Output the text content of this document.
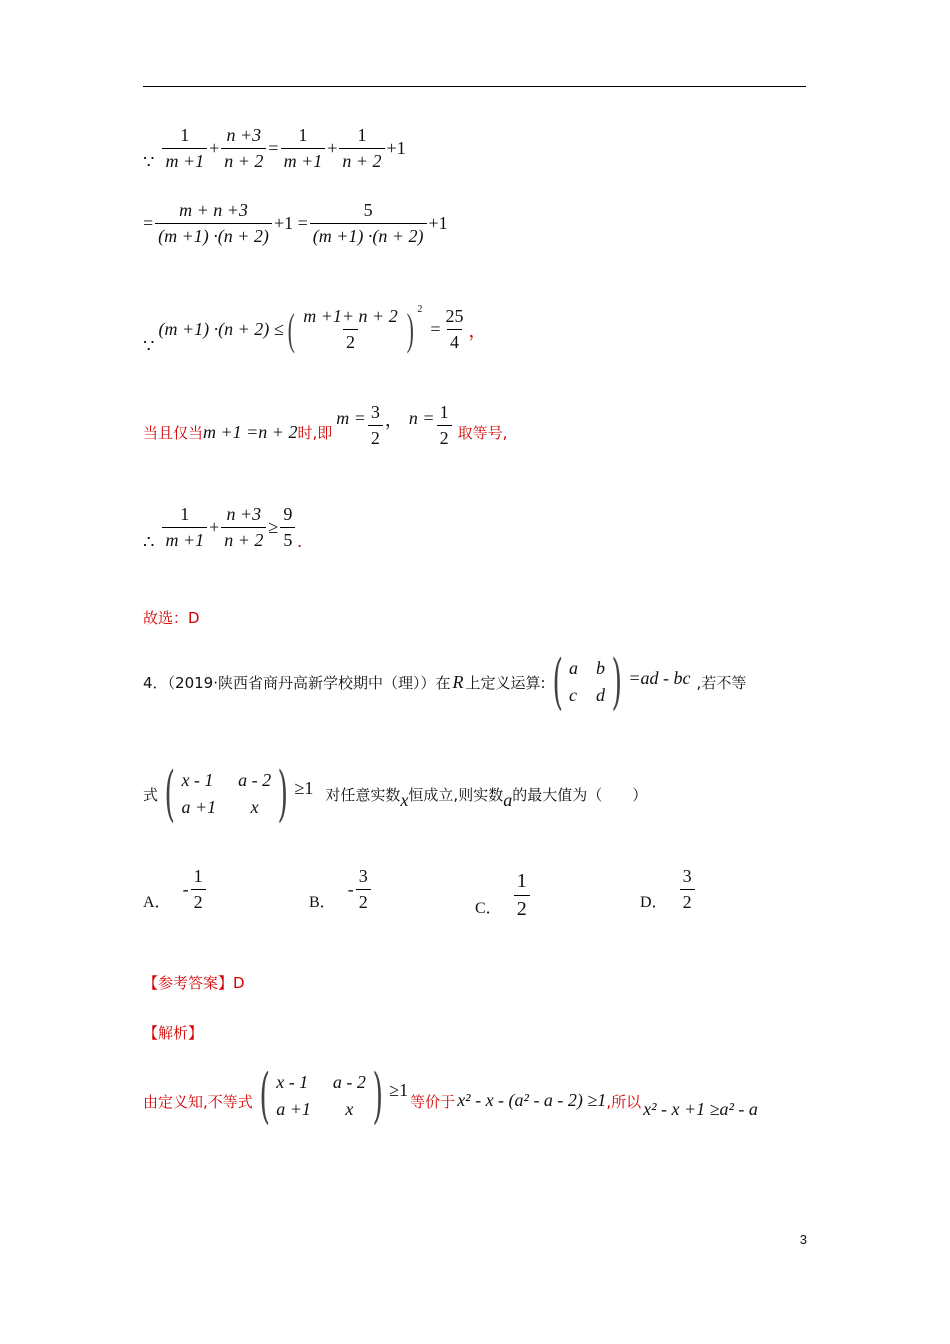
∵ $\frac{1}{m +1} + \frac{n +3}{n + 2} = \frac{1}{m +1} + \frac{1}{n + 2} +1$
= $\frac{m + n +3}{(m +1) \cdot(n + 2)} +1 = \frac{5}{(m +1) \cdot(n + 2)} +1$
∵
(m +1) ·(n + 2) ≤ ( $\frac{m +1+ n + 2}{2}$ ) 2
= $\frac{25}{4}$ ，
当且仅当 m +1 =n + 2 时,即
$m = \frac{3}{2}$ ， $n = \frac{1}{2}$ 取等号,
∴ $\frac{1}{m +1} + \frac{n +3}{n + 2} \ge \frac{9}{5}$ .
故选：D
4．（2019·陕西省商丹高新学校期中（理））在 R 上定义运算: ( a b
c d ) =ad - bc ,若不等
式 ( x - 1 a - 2
a +1	x ) ≥1 对任意实数 x 恒成立,则实数 a 的最大值为（　　）
A．
- $\frac{1}{2}$	B．
- $\frac{3}{2}$	C． $\frac{1}{2}$	D． $\frac{3}{2}$
【参考答案】D
【解析】
由定义知,不等式 ( x - 1 a - 2
a +1	x ) ≥1
等价于 x² - x - (a² - a - 2) ≥1 ,所以 x² - x +1 ≥a² - a
3
